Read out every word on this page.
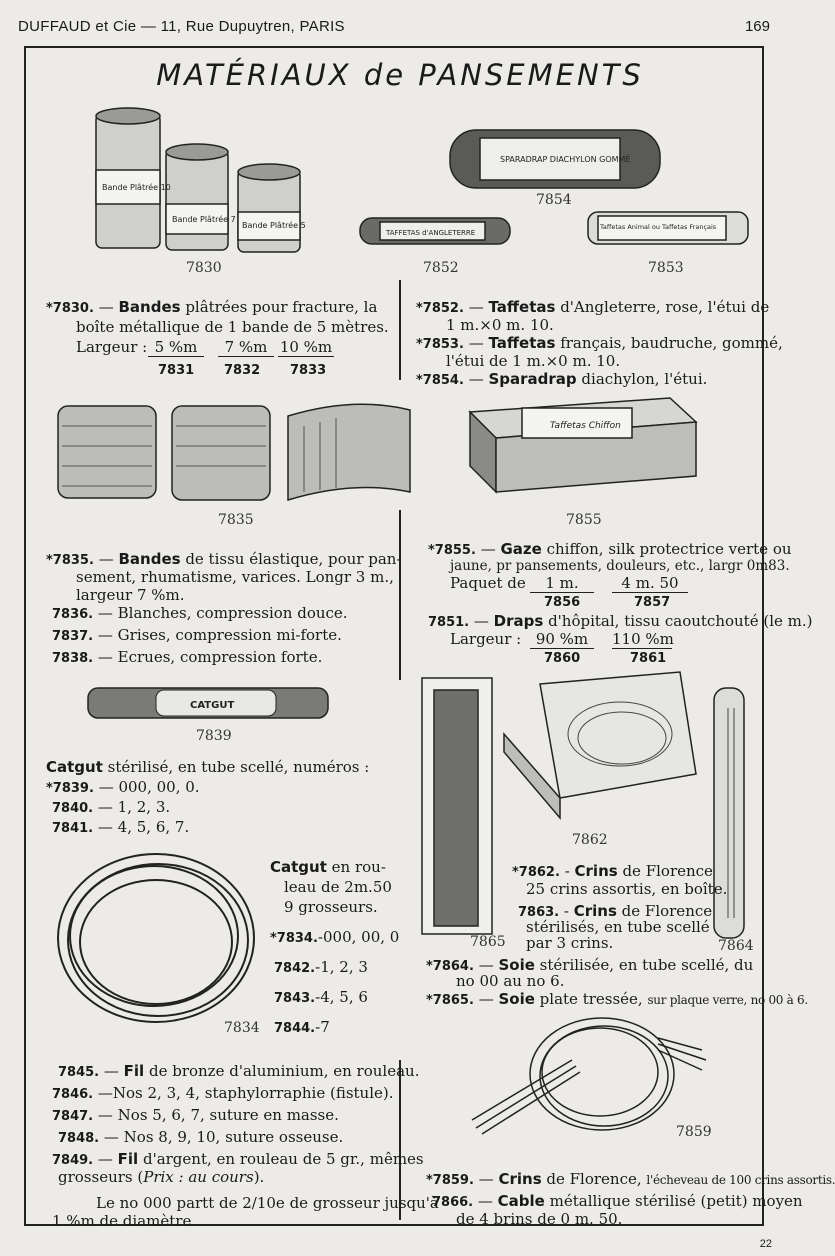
DUFFAUD et Cie — 11, Rue Dupuytren, PARIS	169
MATÉRIAUX de PANSEMENTS
Bande Plâtrée 10
Bande Plâtrée 7
Bande Plâtrée 5
SPARADRAP DIACHYLON GOMMÉ
TAFFETAS d'ANGLETERRE
Taffetas Animal ou Taffetas Français
7830	7852	7853
7854
*7830. — Bandes plâtrées pour fracture, la
boîte métallique de 1 bande de 5 mètres.
Largeur : 5 %m	7 %m 10 %m
7831 7832 7833
*7852. — Taffetas d'Angleterre, rose, l'étui de
1 m.×0 m. 10.
*7853. — Taffetas français, baudruche, gommé,
l'étui de 1 m.×0 m. 10.
*7854. — Sparadrap diachylon, l'étui.
Taffetas Chiffon
7835	7855
*7835. — Bandes de tissu élastique, pour pan-
sement, rhumatisme, varices. Longr 3 m.,
largeur 7 %m.
7836. — Blanches, compression douce.
7837. — Grises, compression mi-forte.
7838. — Ecrues, compression forte.
*7855. — Gaze chiffon, silk protectrice verte ou
jaune, pr pansements, douleurs, etc., largr 0m83.
Paquet de	1 m.	4 m. 50
7856	7857
7851. — Draps d'hôpital, tissu caoutchouté (le m.)
Largeur : 90 %m	110 %m
7860	7861
CATGUT
7839
Catgut stérilisé, en tube scellé, numéros :
*7839. — 000, 00, 0.
7840. — 1, 2, 3.
7841. — 4, 5, 6, 7.
7834
Catgut en rou-
leau de 2m.50
9 grosseurs.
*7834.-000, 00, 0
7842.-1, 2, 3
7843.-4, 5, 6
7844.-7
7845. — Fil de bronze d'aluminium, en rouleau.
7846. —Nos 2, 3, 4, staphylorraphie (fistule).
7847. — Nos 5, 6, 7, suture en masse.
7848. — Nos 8, 9, 10, suture osseuse.
7849. — Fil d'argent, en rouleau de 5 gr., mêmes
grosseurs (Prix : au cours).
Le no 000 partt de 2/10e de grosseur jusqu'à
1 %m de diamètre.
7862
7865	7864
*7862. - Crins de Florence
25 crins assortis, en boîte.
7863. - Crins de Florence
stérilisés, en tube scellé
par 3 crins.
*7864. — Soie stérilisée, en tube scellé, du
no 00 au no 6.
*7865. — Soie plate tressée, sur plaque verre, no 00 à 6.
7859
*7859. — Crins de Florence, l'écheveau de 100 crins assortis.
7866. — Cable métallique stérilisé (petit) moyen
de 4 brins de 0 m. 50.
22
